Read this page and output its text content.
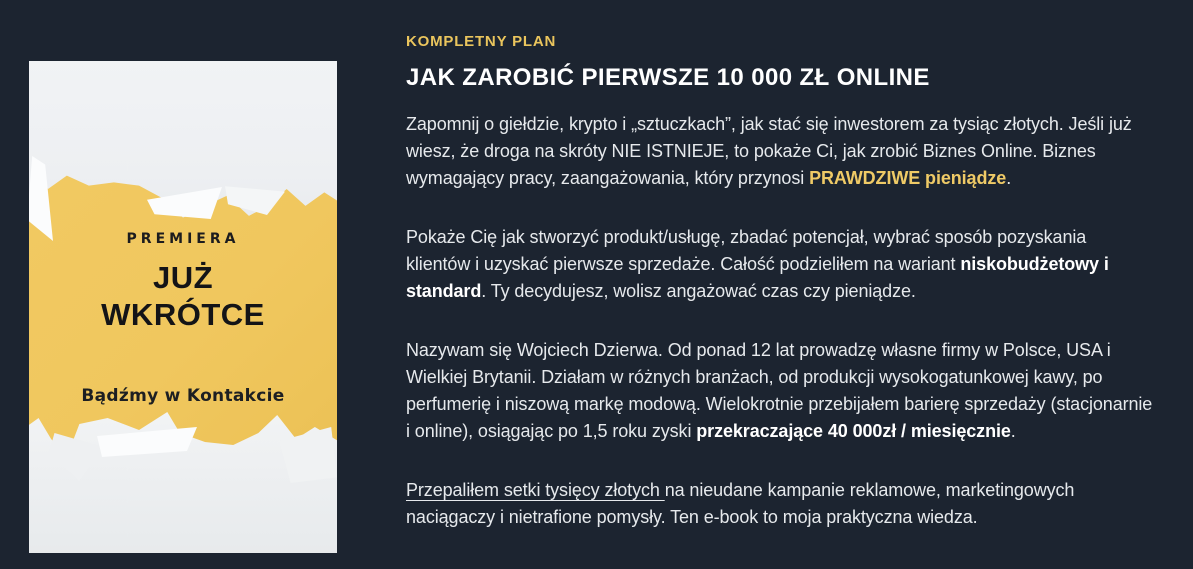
PREMIERA
JUŻ
WKRÓTCE
Bądźmy w Kontakcie
KOMPLETNY PLAN
JAK ZAROBIĆ PIERWSZE 10 000 ZŁ ONLINE

Zapomnij o giełdzie, krypto i „sztuczkach”, jak stać się inwestorem za tysiąc złotych. Jeśli już wiesz, że droga na skróty NIE ISTNIEJE, to pokaże Ci, jak zrobić Biznes Online. Biznes wymagający pracy, zaangażowania, który przynosi PRAWDZIWE pieniądze.

Pokaże Cię jak stworzyć produkt/usługę, zbadać potencjał, wybrać sposób pozyskania klientów i uzyskać pierwsze sprzedaże. Całość podzieliłem na wariant niskobudżetowy i standard. Ty decydujesz, wolisz angażować czas czy pieniądze.

Nazywam się Wojciech Dzierwa. Od ponad 12 lat prowadzę własne firmy w Polsce, USA i Wielkiej Brytanii. Działam w różnych branżach, od produkcji wysokogatunkowej kawy, po perfumerię i niszową markę modową. Wielokrotnie przebijałem barierę sprzedaży (stacjonarnie i online), osiągając po 1,5 roku zyski przekraczające 40 000zł / miesięcznie.

Przepaliłem setki tysięcy złotych na nieudane kampanie reklamowe, marketingowych naciągaczy i nietrafione pomysły. Ten e-book to moja praktyczna wiedza.
